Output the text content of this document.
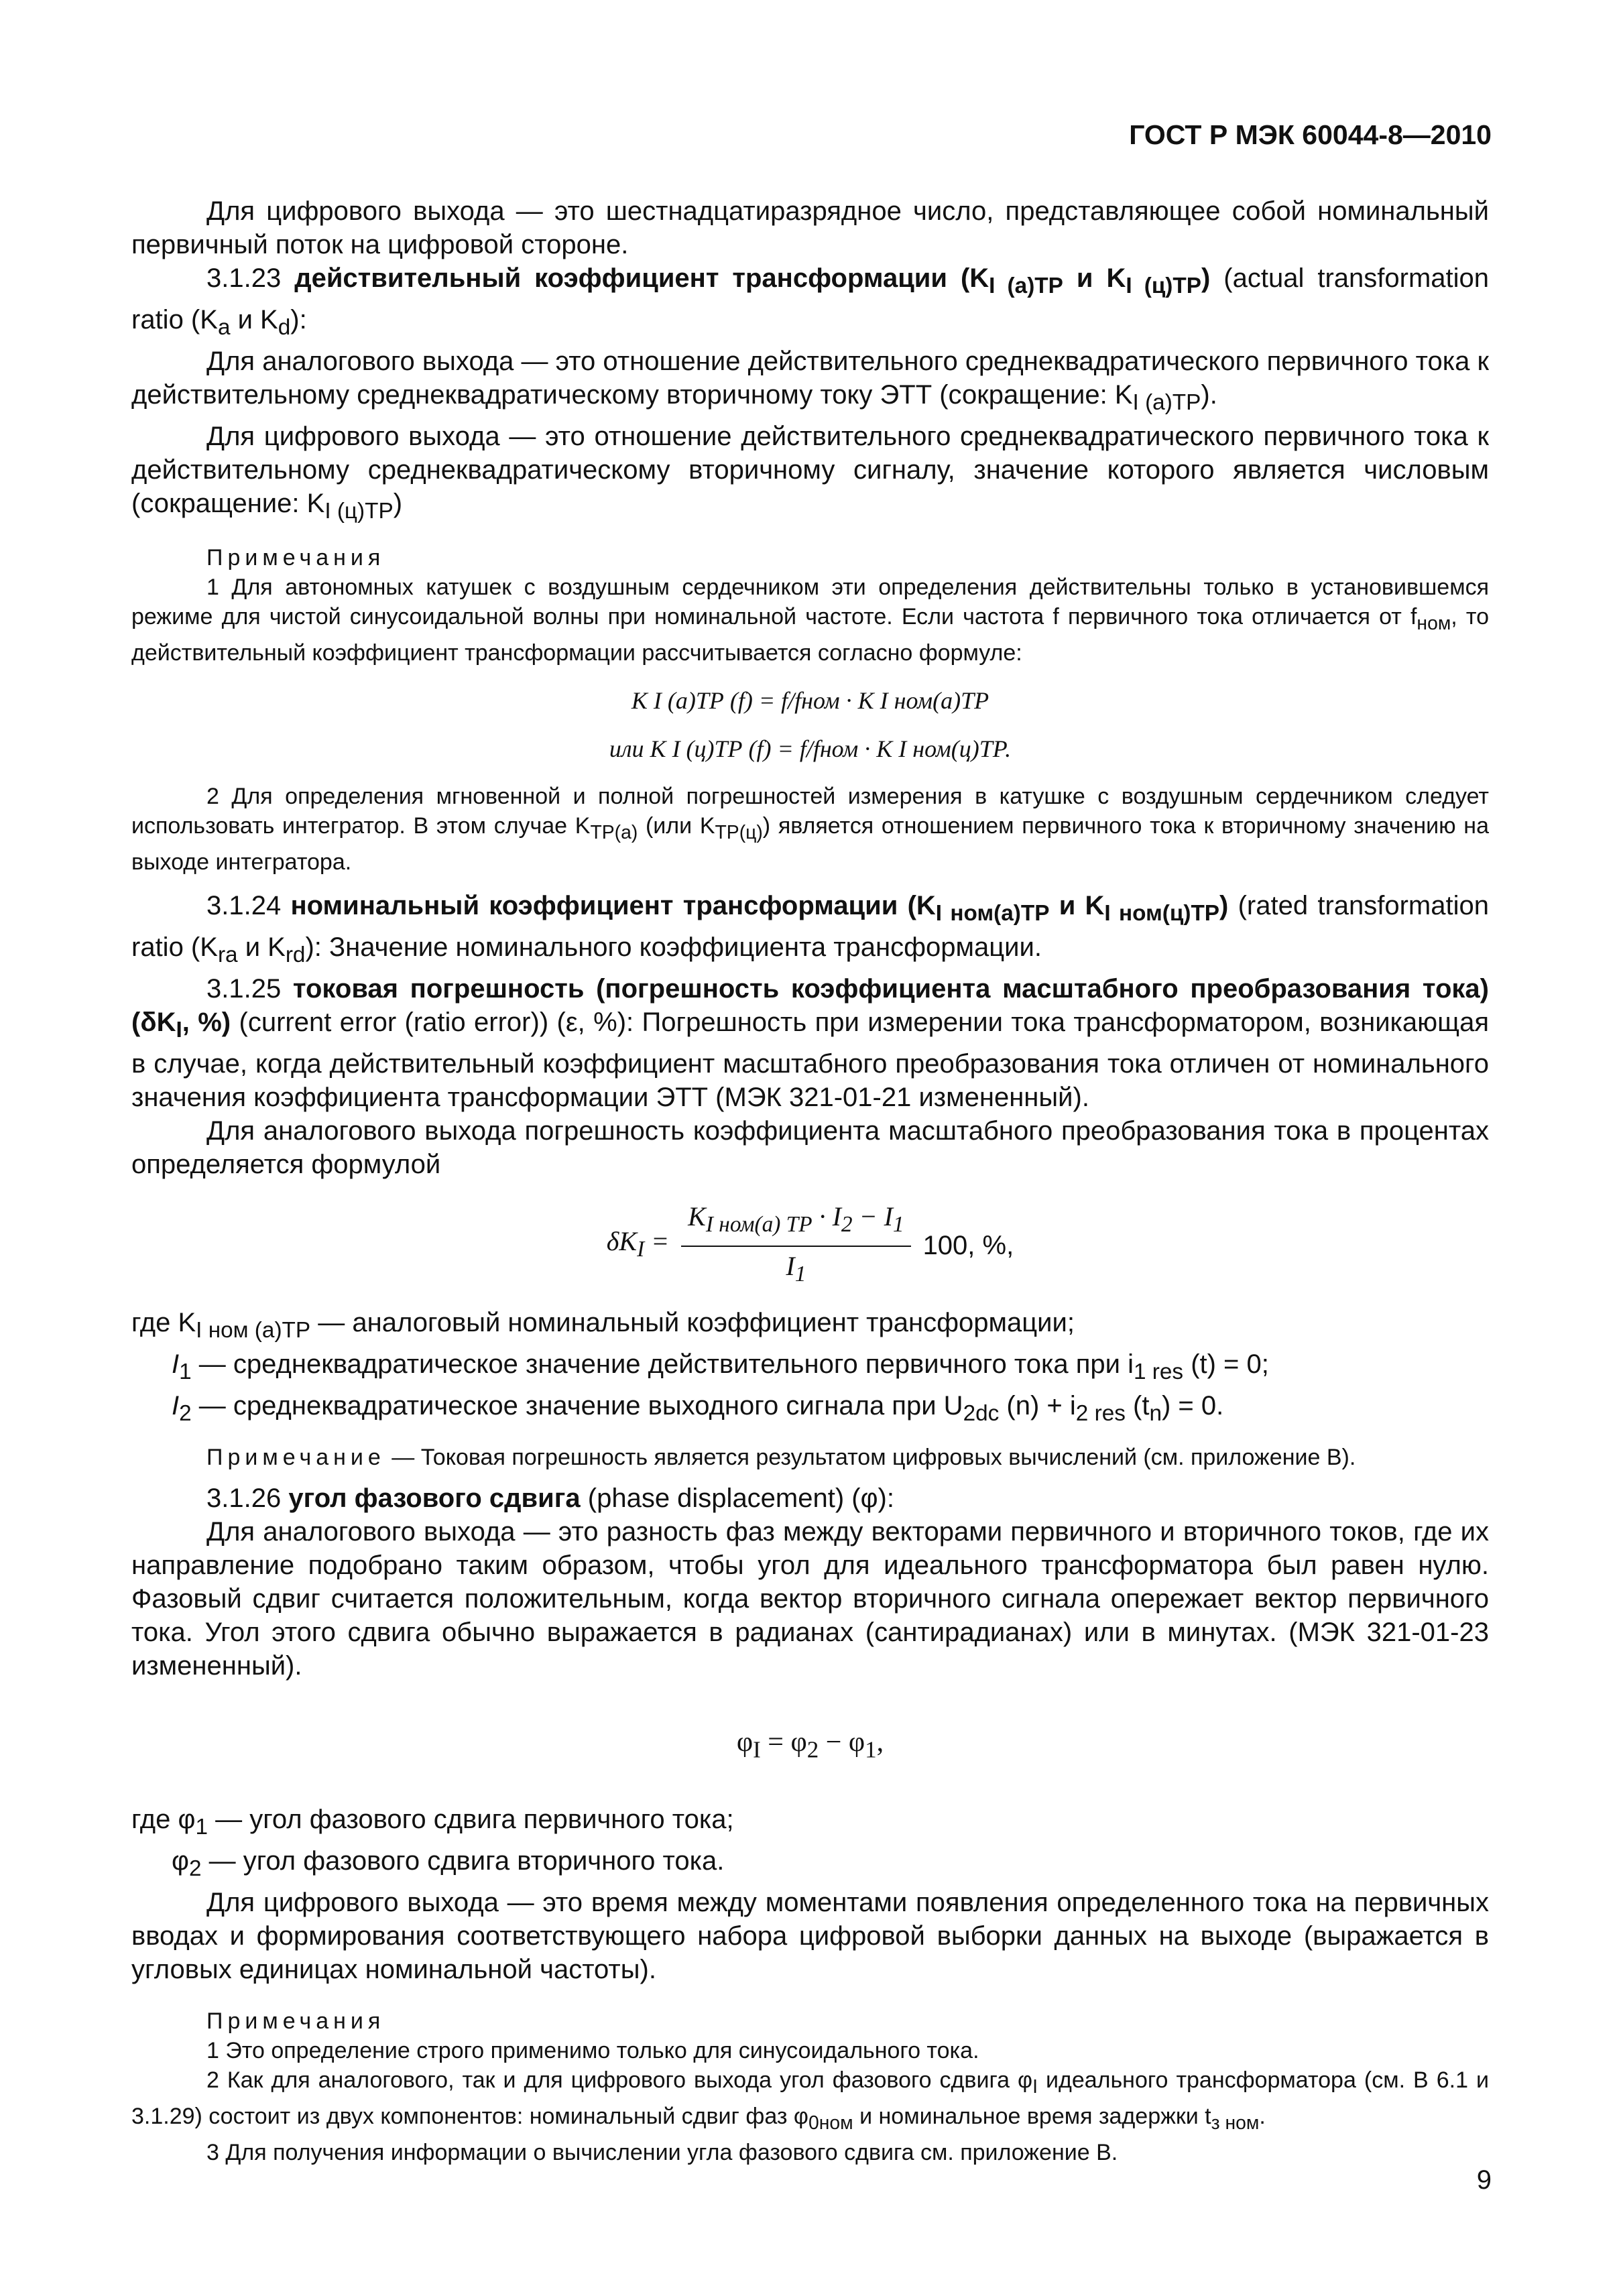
ГОСТ Р МЭК 60044-8—2010

Для цифрового выхода — это шестнадцатиразрядное число, представляющее собой номинальный первичный поток на цифровой стороне.

3.1.23 действительный коэффициент трансформации ($K_{I (а)ТР}$ и $K_{I (ц)ТР}$) (actual transformation ratio ($K_a$ и $K_d$):

Для аналогового выхода — это отношение действительного среднеквадратического первичного тока к действительному среднеквадратическому вторичному току ЭТТ (сокращение: $K_{I (а)ТР}$).

Для цифрового выхода — это отношение действительного среднеквадратического первичного тока к действительному среднеквадратическому вторичному сигналу, значение которого является числовым (сокращение: $K_{I (ц)ТР}$)

Примечания

1 Для автономных катушек с воздушным сердечником эти определения действительны только в установившемся режиме для чистой синусоидальной волны при номинальной частоте. Если частота f первичного тока отличается от $f_{ном}$, то действительный коэффициент трансформации рассчитывается согласно формуле:

K I (а)ТР (f) = f/fном · K I ном(а)ТР

или K I (ц)ТР (f) = f/fном · K I ном(ц)ТР.

2 Для определения мгновенной и полной погрешностей измерения в катушке с воздушным сердечником следует использовать интегратор. В этом случае $K_{ТР(а)}$ (или $K_{ТР(ц)}$) является отношением первичного тока к вторичному значению на выходе интегратора.

3.1.24 номинальный коэффициент трансформации ($K_{I ном(а)ТР}$ и $K_{I ном(ц)ТР}$) (rated transformation ratio ($K_{ra}$ и $K_{rd}$): Значение номинального коэффициента трансформации.

3.1.25 токовая погрешность (погрешность коэффициента масштабного преобразования тока) ($\delta K_I$, %) (current error (ratio error)) (ε, %): Погрешность при измерении тока трансформатором, возникающая в случае, когда действительный коэффициент масштабного преобразования тока отличен от номинального значения коэффициента трансформации ЭТТ (МЭК 321-01-21 измененный).

Для аналогового выхода погрешность коэффициента масштабного преобразования тока в процентах определяется формулой

$\delta K_I = \frac{K_{I ном(a) ТР} \cdot I_2 - I_1}{I_1} 100$, %,

где $K_{I ном (а)ТР}$ — аналоговый номинальный коэффициент трансформации;

$I_1$ — среднеквадратическое значение действительного первичного тока при $i_{1 res}$ (t) = 0;

$I_2$ — среднеквадратическое значение выходного сигнала при $U_{2dc}$ $(n) + i_{2 res}$ $(t_n) = 0$.

Примечание — Токовая погрешность является результатом цифровых вычислений (см. приложение В).

3.1.26 угол фазового сдвига (phase displacement) (φ):

Для аналогового выхода — это разность фаз между векторами первичного и вторичного токов, где их направление подобрано таким образом, чтобы угол для идеального трансформатора был равен нулю. Фазовый сдвиг считается положительным, когда вектор вторичного сигнала опережает вектор первичного тока. Угол этого сдвига обычно выражается в радианах (сантирадианах) или в минутах. (МЭК 321-01-23 измененный).

$\varphi_I = \varphi_2 - \varphi_1$,

где $\varphi_1$ — угол фазового сдвига первичного тока;

$\varphi_2$ — угол фазового сдвига вторичного тока.

Для цифрового выхода — это время между моментами появления определенного тока на первичных вводах и формирования соответствующего набора цифровой выборки данных на выходе (выражается в угловых единицах номинальной частоты).

Примечания

1 Это определение строго применимо только для синусоидального тока.

2 Как для аналогового, так и для цифрового выхода угол фазового сдвига $\varphi_I$ идеального трансформатора (см. В 6.1 и 3.1.29) состоит из двух компонентов: номинальный сдвиг фаз $\varphi_{0ном}$ и номинальное время задержки $t_{з ном}$.

3 Для получения информации о вычислении угла фазового сдвига см. приложение В.

9
